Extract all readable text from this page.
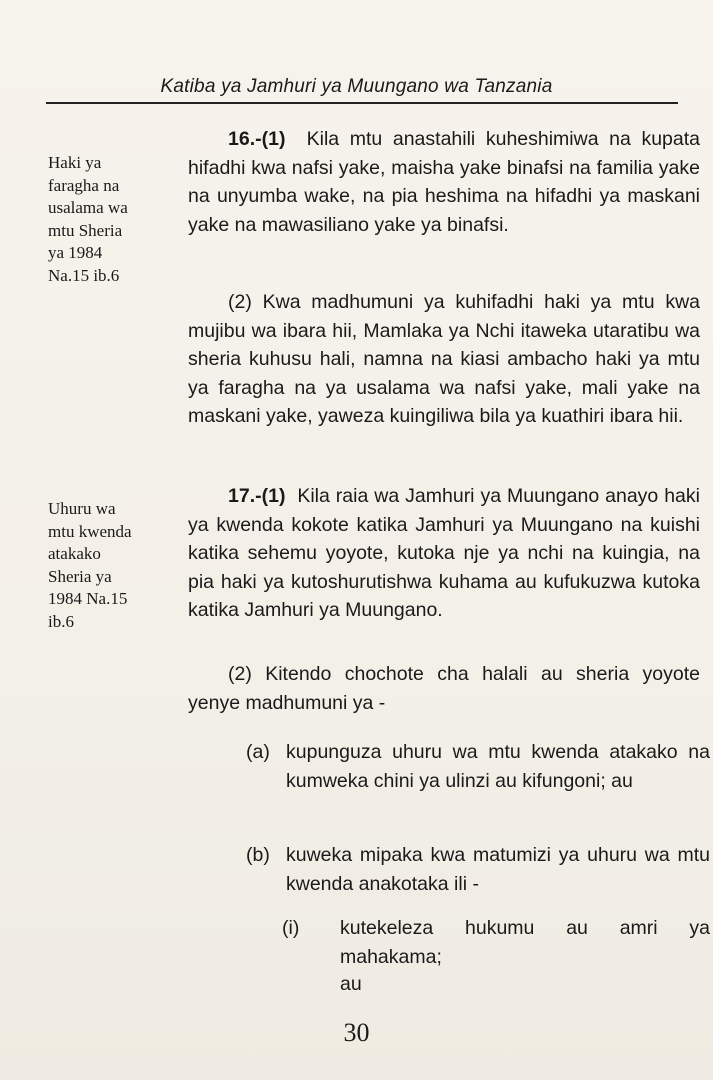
Katiba ya Jamhuri ya Muungano wa Tanzania
Haki ya
faragha na
usalama wa
mtu Sheria
ya 1984
Na.15 ib.6
16.-(1) Kila mtu anastahili kuheshimiwa na kupata hifadhi kwa nafsi yake, maisha yake binafsi na familia yake na unyumba wake, na pia heshima na hifadhi ya maskani yake na mawasiliano yake ya binafsi.
(2) Kwa madhumuni ya kuhifadhi haki ya mtu kwa mujibu wa ibara hii, Mamlaka ya Nchi itaweka utaratibu wa sheria kuhusu hali, namna na kiasi ambacho haki ya mtu ya faragha na ya usalama wa nafsi yake, mali yake na maskani yake, yaweza kuingiliwa bila ya kuathiri ibara hii.
Uhuru wa
mtu kwenda
atakako
Sheria ya
1984 Na.15
ib.6
17.-(1) Kila raia wa Jamhuri ya Muungano anayo haki ya kwenda kokote katika Jamhuri ya Muungano na kuishi katika sehemu yoyote, kutoka nje ya nchi na kuingia, na pia haki ya kutoshurutishwa kuhama au kufukuzwa kutoka katika Jamhuri ya Muungano.
(2) Kitendo chochote cha halali au sheria yoyote yenye madhumuni ya -
(a) kupunguza uhuru wa mtu kwenda atakako na kumweka chini ya ulinzi au kifungoni; au
(b) kuweka mipaka kwa matumizi ya uhuru wa mtu kwenda anakotaka ili -
(i) kutekeleza hukumu au amri ya mahakama;
au
30
